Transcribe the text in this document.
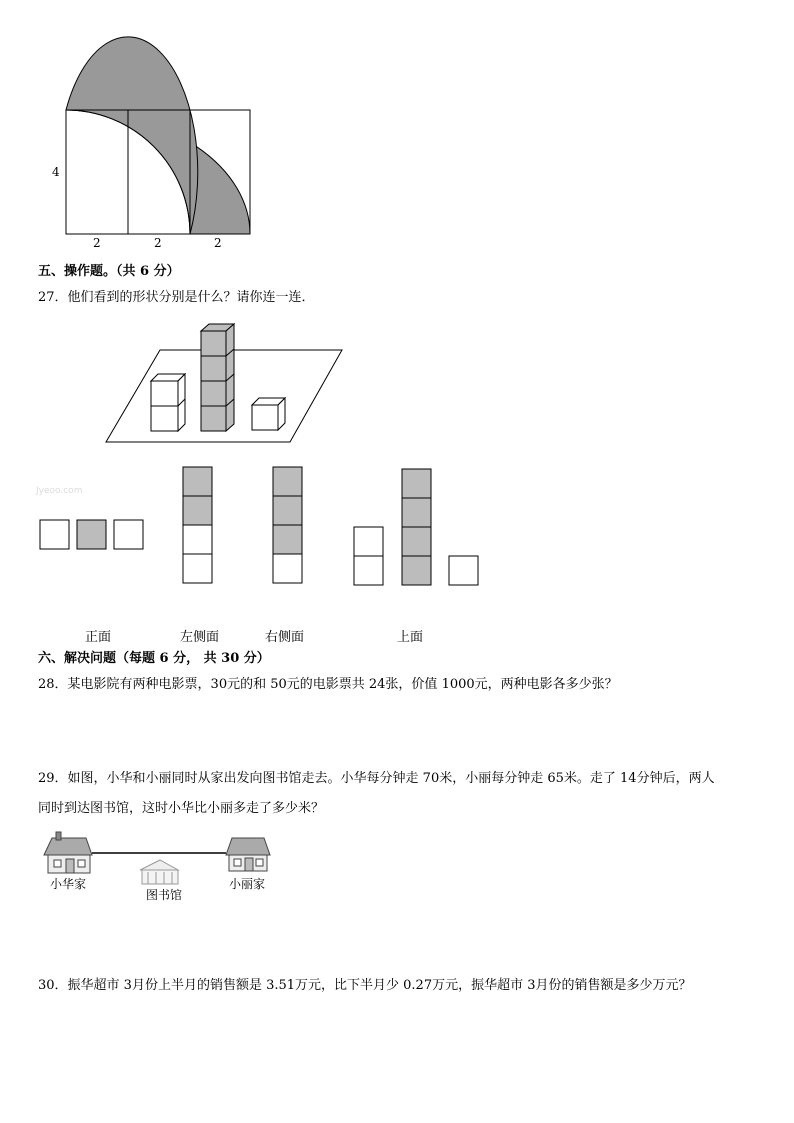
4
2	2	2
五、操作题。（共 6 分）
27．他们看到的形状分别是什么？请你连一连．
Jyeoo.com
正面	左侧面	右侧面	上面
六、解决问题（每题 6 分， 共 30 分）
28．某电影院有两种电影票，30元的和 50元的电影票共 24张，价值 1000元，两种电影各多少张？
29．如图，小华和小丽同时从家出发向图书馆走去。小华每分钟走 70米，小丽每分钟走 65米。走了 14分钟后，两人
同时到达图书馆，这时小华比小丽多走了多少米？
小华家
图书馆
小丽家
30．振华超市 3月份上半月的销售额是 3.51万元，比下半月少 0.27万元，振华超市 3月份的销售额是多少万元？
